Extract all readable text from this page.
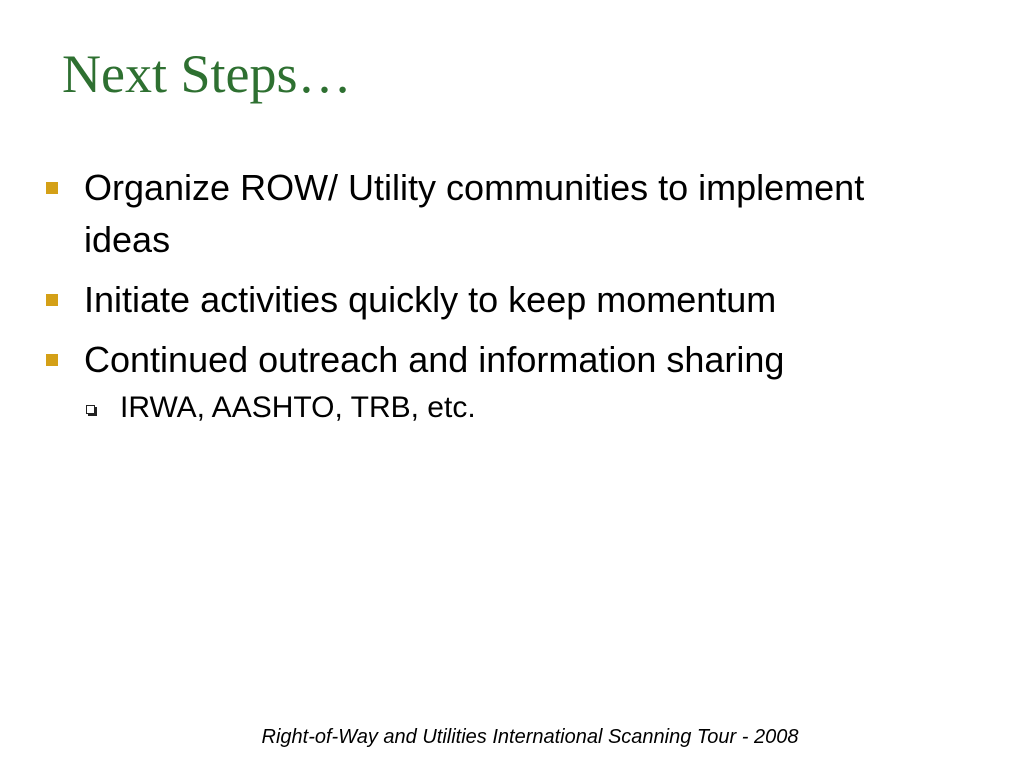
Next Steps…
Organize ROW/ Utility communities to implement ideas
Initiate activities quickly to keep momentum
Continued outreach and information sharing
IRWA, AASHTO, TRB, etc.
Right-of-Way and Utilities International Scanning Tour - 2008
